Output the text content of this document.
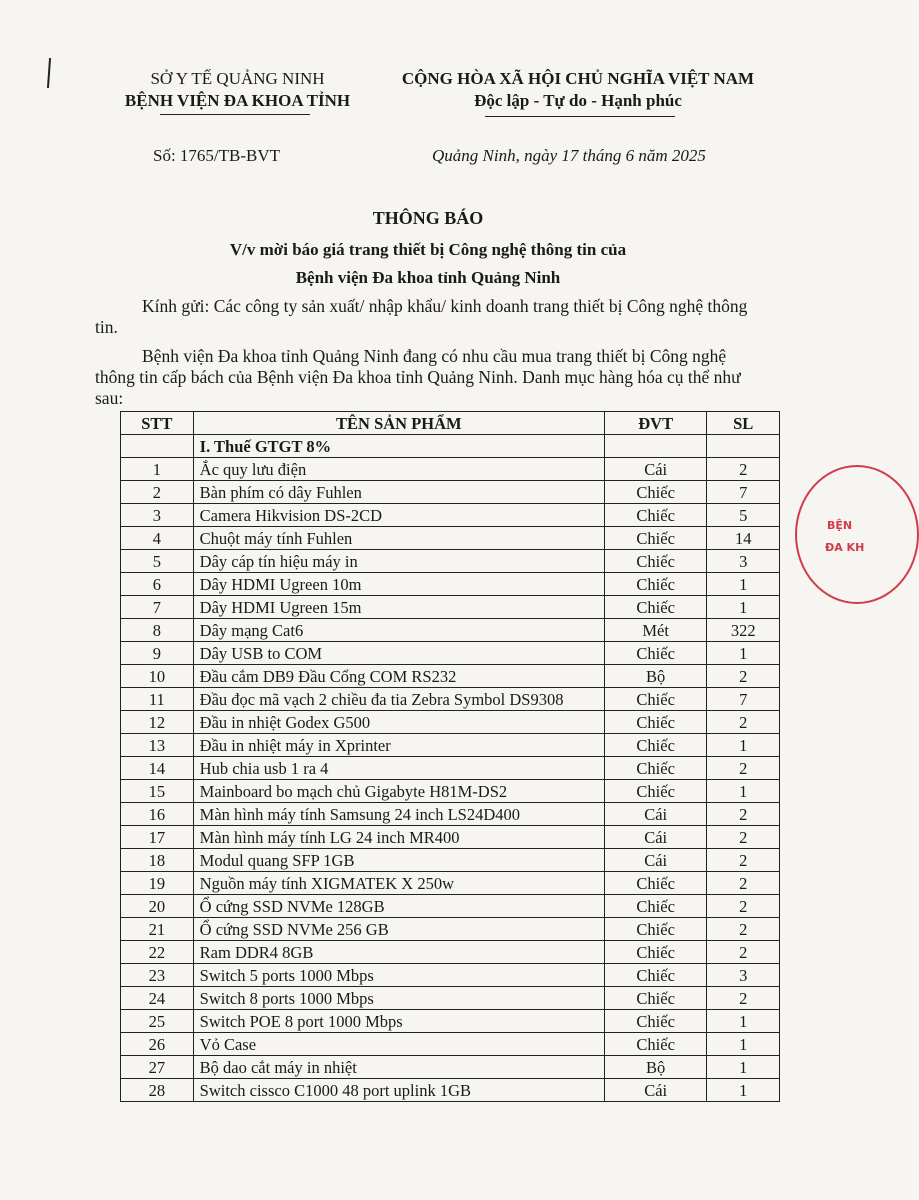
SỞ Y TẾ QUẢNG NINH
BỆNH VIỆN ĐA KHOA TỈNH
CỘNG HÒA XÃ HỘI CHỦ NGHĨA VIỆT NAM
Độc lập - Tự do - Hạnh phúc
Số: 1765/TB-BVT	Quảng Ninh, ngày 17 tháng 6 năm 2025
THÔNG BÁO
V/v mời báo giá trang thiết bị Công nghệ thông tin của
Bệnh viện Đa khoa tỉnh Quảng Ninh
Kính gửi: Các công ty sản xuất/ nhập khẩu/ kinh doanh trang thiết bị Công nghệ thông tin.
Bệnh viện Đa khoa tỉnh Quảng Ninh đang có nhu cầu mua trang thiết bị Công nghệ thông tin cấp bách của Bệnh viện Đa khoa tỉnh Quảng Ninh. Danh mục hàng hóa cụ thể như sau:
STT	TÊN SẢN PHẨM	ĐVT	SL
	I. Thuế GTGT 8%		
1	Ắc quy lưu điện	Cái	2
2	Bàn phím có dây Fuhlen	Chiếc	7
3	Camera Hikvision DS-2CD	Chiếc	5
4	Chuột máy tính Fuhlen	Chiếc	14
5	Dây cáp tín hiệu máy in	Chiếc	3
6	Dây HDMI Ugreen 10m	Chiếc	1
7	Dây HDMI Ugreen 15m	Chiếc	1
8	Dây mạng Cat6	Mét	322
9	Dây USB to COM	Chiếc	1
10	Đầu cắm DB9 Đầu Cổng COM RS232	Bộ	2
11	Đầu đọc mã vạch 2 chiều đa tia Zebra Symbol DS9308	Chiếc	7
12	Đầu in nhiệt Godex G500	Chiếc	2
13	Đầu in nhiệt máy in Xprinter	Chiếc	1
14	Hub chia usb 1 ra 4	Chiếc	2
15	Mainboard bo mạch chủ Gigabyte H81M-DS2	Chiếc	1
16	Màn hình máy tính Samsung 24 inch LS24D400	Cái	2
17	Màn hình máy tính LG 24 inch MR400	Cái	2
18	Modul quang SFP 1GB	Cái	2
19	Nguồn máy tính XIGMATEK X 250w	Chiếc	2
20	Ổ cứng SSD NVMe 128GB	Chiếc	2
21	Ổ cứng SSD NVMe 256 GB	Chiếc	2
22	Ram DDR4 8GB	Chiếc	2
23	Switch 5 ports 1000 Mbps	Chiếc	3
24	Switch 8 ports 1000 Mbps	Chiếc	2
25	Switch POE 8 port 1000 Mbps	Chiếc	1
26	Vỏ Case	Chiếc	1
27	Bộ dao cắt máy in nhiệt	Bộ	1
28	Switch cissco C1000 48 port uplink 1GB	Cái	1
BỆN
ĐA KH
